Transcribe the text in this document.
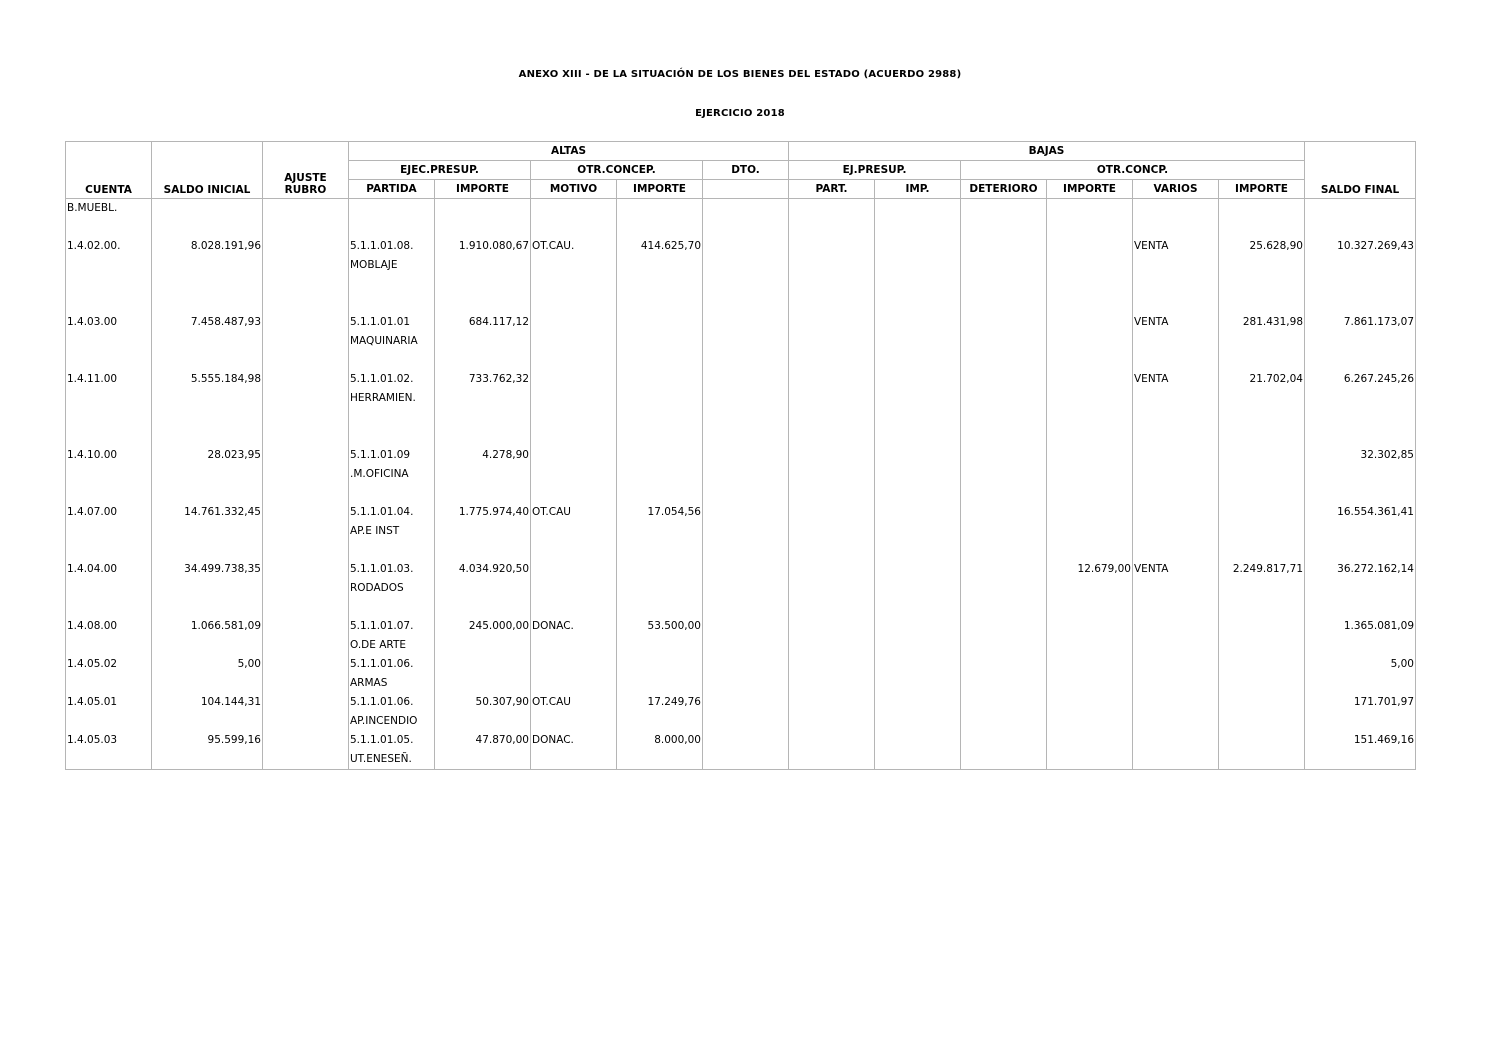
ANEXO XIII - DE LA SITUACIÓN DE LOS BIENES DEL ESTADO (ACUERDO 2988)
EJERCICIO 2018
CUENTA	SALDO INICIAL	AJUSTE
RUBRO	ALTAS					BAJAS						SALDO FINAL
			EJEC.PRESUP.		OTR.CONCEP.		DTO.	EJ.PRESUP.		OTR.CONCP.				
			PARTIDA	IMPORTE	MOTIVO	IMPORTE		PART.	IMP.	DETERIORO	IMPORTE	VARIOS	IMPORTE	

B.MUEBL.														

1.4.02.00.	8.028.191,96		5.1.1.01.08.
MOBLAJE	1.910.080,67	OT.CAU.	414.625,70						VENTA	25.628,90	10.327.269,43

1.4.03.00	7.458.487,93		5.1.1.01.01
MAQUINARIA	684.117,12								VENTA	281.431,98	7.861.173,07

1.4.11.00	5.555.184,98		5.1.1.01.02.
HERRAMIEN.	733.762,32								VENTA	21.702,04	6.267.245,26

1.4.10.00	28.023,95		5.1.1.01.09
.M.OFICINA	4.278,90										32.302,85

1.4.07.00	14.761.332,45		5.1.1.01.04.
AP.E INST	1.775.974,40	OT.CAU	17.054,56								16.554.361,41

1.4.04.00	34.499.738,35		5.1.1.01.03.
RODADOS	4.034.920,50							12.679,00	VENTA	2.249.817,71	36.272.162,14

1.4.08.00	1.066.581,09		5.1.1.01.07.
O.DE ARTE	245.000,00	DONAC.	53.500,00								1.365.081,09

1.4.05.02	5,00		5.1.1.01.06.
ARMAS											5,00

1.4.05.01	104.144,31		5.1.1.01.06.
AP.INCENDIO	50.307,90	OT.CAU	17.249,76								171.701,97

1.4.05.03	95.599,16		5.1.1.01.05.
UT.ENESEÑ.	47.870,00	DONAC.	8.000,00								151.469,16
